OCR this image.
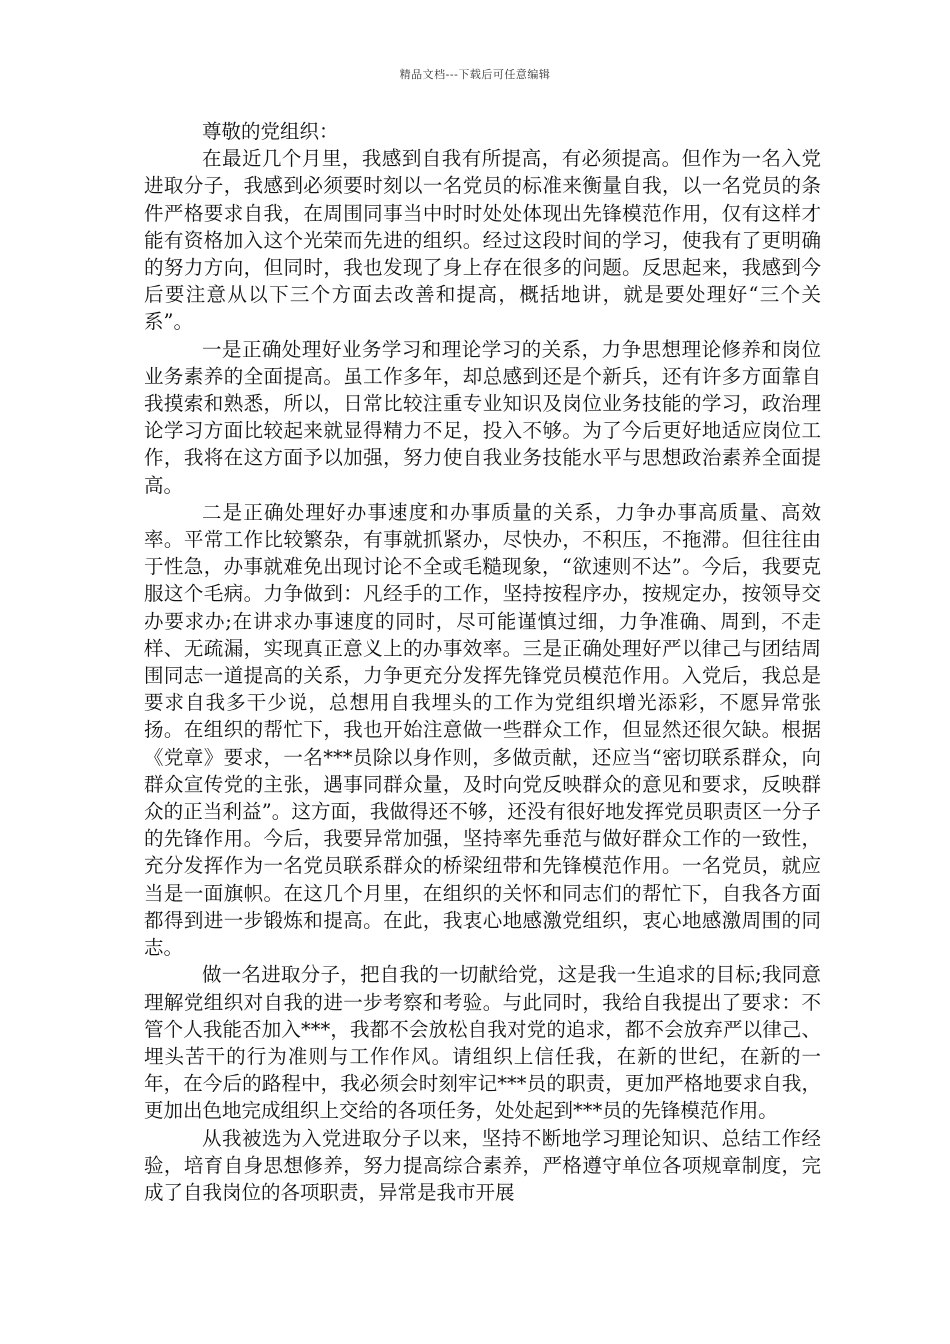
精品文档---下载后可任意编辑

尊敬的党组织：

在最近几个月里，我感到自我有所提高，有必须提高。但作为一名入党进取分子，我感到必须要时刻以一名党员的标准来衡量自我，以一名党员的条件严格要求自我，在周围同事当中时时处处体现出先锋模范作用，仅有这样才能有资格加入这个光荣而先进的组织。经过这段时间的学习，使我有了更明确的努力方向，但同时，我也发现了身上存在很多的问题。反思起来，我感到今后要注意从以下三个方面去改善和提高，概括地讲，就是要处理好“三个关系”。

一是正确处理好业务学习和理论学习的关系，力争思想理论修养和岗位业务素养的全面提高。虽工作多年，却总感到还是个新兵，还有许多方面靠自我摸索和熟悉，所以，日常比较注重专业知识及岗位业务技能的学习，政治理论学习方面比较起来就显得精力不足，投入不够。为了今后更好地适应岗位工作，我将在这方面予以加强，努力使自我业务技能水平与思想政治素养全面提高。

二是正确处理好办事速度和办事质量的关系，力争办事高质量、高效率。平常工作比较繁杂，有事就抓紧办，尽快办，不积压，不拖滞。但往往由于性急，办事就难免出现讨论不全或毛糙现象，“欲速则不达”。今后，我要克服这个毛病。力争做到：凡经手的工作，坚持按程序办，按规定办，按领导交办要求办;在讲求办事速度的同时，尽可能谨慎过细，力争准确、周到，不走样、无疏漏，实现真正意义上的办事效率。三是正确处理好严以律己与团结周围同志一道提高的关系，力争更充分发挥先锋党员模范作用。入党后，我总是要求自我多干少说，总想用自我埋头的工作为党组织增光添彩，不愿异常张扬。在组织的帮忙下，我也开始注意做一些群众工作，但显然还很欠缺。根据《党章》要求，一名***员除以身作则，多做贡献，还应当“密切联系群众，向群众宣传党的主张，遇事同群众量，及时向党反映群众的意见和要求，反映群众的正当利益”。这方面，我做得还不够，还没有很好地发挥党员职责区一分子的先锋作用。今后，我要异常加强，坚持率先垂范与做好群众工作的一致性，充分发挥作为一名党员联系群众的桥梁纽带和先锋模范作用。一名党员，就应当是一面旗帜。在这几个月里，在组织的关怀和同志们的帮忙下，自我各方面都得到进一步锻炼和提高。在此，我衷心地感激党组织，衷心地感激周围的同志。

做一名进取分子，把自我的一切献给党，这是我一生追求的目标;我同意理解党组织对自我的进一步考察和考验。与此同时，我给自我提出了要求：不管个人我能否加入***，我都不会放松自我对党的追求，都不会放弃严以律己、埋头苦干的行为准则与工作作风。请组织上信任我，在新的世纪，在新的一年，在今后的路程中，我必须会时刻牢记***员的职责，更加严格地要求自我，更加出色地完成组织上交给的各项任务，处处起到***员的先锋模范作用。

从我被选为入党进取分子以来，坚持不断地学习理论知识、总结工作经验，培育自身思想修养，努力提高综合素养，严格遵守单位各项规章制度，完成了自我岗位的各项职责，异常是我市开展
